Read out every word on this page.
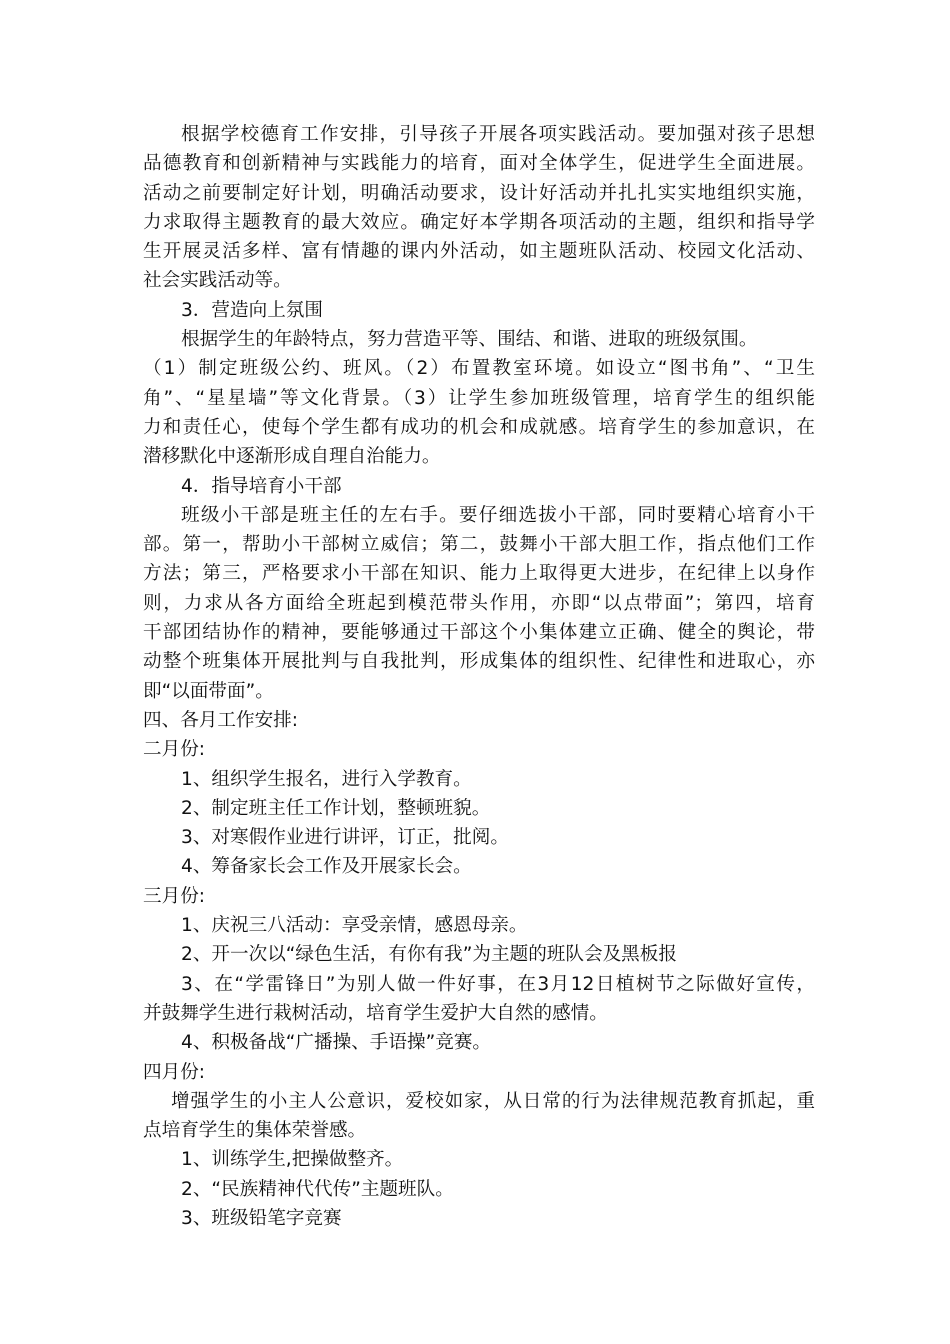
根据学校德育工作安排，引导孩子开展各项实践活动。要加强对孩子思想
品德教育和创新精神与实践能力的培育，面对全体学生，促进学生全面进展。
活动之前要制定好计划，明确活动要求，设计好活动并扎扎实实地组织实施，
力求取得主题教育的最大效应。确定好本学期各项活动的主题，组织和指导学
生开展灵活多样、富有情趣的课内外活动，如主题班队活动、校园文化活动、
社会实践活动等。
3．营造向上氛围
根据学生的年龄特点，努力营造平等、围结、和谐、进取的班级氛围。
（1）制定班级公约、班风。（2）布置教室环境。如设立“图书角”、“卫生
角”、“星星墙”等文化背景。（3）让学生参加班级管理，培育学生的组织能
力和责任心，使每个学生都有成功的机会和成就感。培育学生的参加意识，在
潜移默化中逐渐形成自理自治能力。
4．指导培育小干部
班级小干部是班主任的左右手。要仔细选拔小干部，同时要精心培育小干
部。第一，帮助小干部树立威信；第二，鼓舞小干部大胆工作，指点他们工作
方法；第三，严格要求小干部在知识、能力上取得更大进步，在纪律上以身作
则，力求从各方面给全班起到模范带头作用，亦即“以点带面”；第四，培育
干部团结协作的精神，要能够通过干部这个小集体建立正确、健全的舆论，带
动整个班集体开展批判与自我批判，形成集体的组织性、纪律性和进取心，亦
即“以面带面”。
四、各月工作安排:
二月份:
1、组织学生报名，进行入学教育。
2、制定班主任工作计划，整顿班貌。
3、对寒假作业进行讲评，订正，批阅。
4、筹备家长会工作及开展家长会。
三月份:
1、庆祝三八活动：享受亲情，感恩母亲。
2、开一次以“绿色生活，有你有我”为主题的班队会及黑板报
3、在“学雷锋日”为别人做一件好事，在3月12日植树节之际做好宣传，
并鼓舞学生进行栽树活动，培育学生爱护大自然的感情。
4、积极备战“广播操、手语操”竞赛。
四月份:
增强学生的小主人公意识，爱校如家，从日常的行为法律规范教育抓起，重
点培育学生的集体荣誉感。
1、训练学生,把操做整齐。
2、“民族精神代代传”主题班队。
3、班级铅笔字竞赛
